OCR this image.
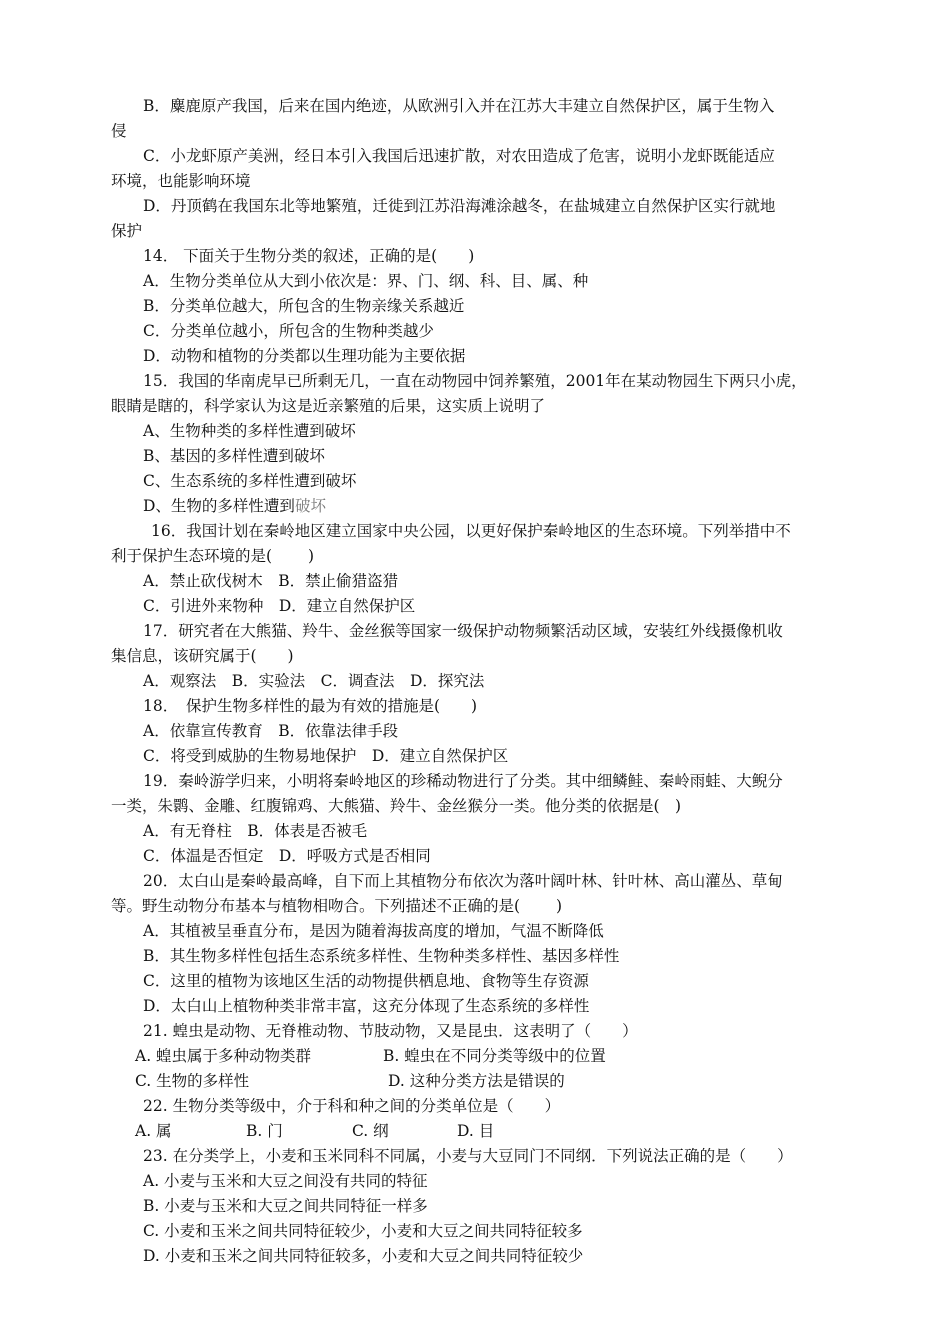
B．麋鹿原产我国，后来在国内绝迹，从欧洲引入并在江苏大丰建立自然保护区，属于生物入
侵
C．小龙虾原产美洲，经日本引入我国后迅速扩散，对农田造成了危害，说明小龙虾既能适应
环境，也能影响环境
D．丹顶鹤在我国东北等地繁殖，迁徙到江苏沿海滩涂越冬，在盐城建立自然保护区实行就地
保护
14． 下面关于生物分类的叙述，正确的是(　　)
A．生物分类单位从大到小依次是：界、门、纲、科、目、属、种
B．分类单位越大，所包含的生物亲缘关系越近
C．分类单位越小，所包含的生物种类越少
D．动物和植物的分类都以生理功能为主要依据
15．我国的华南虎早已所剩无几，一直在动物园中饲养繁殖，2001年在某动物园生下两只小虎，
眼睛是瞎的，科学家认为这是近亲繁殖的后果，这实质上说明了
A、生物种类的多样性遭到破坏
B、基因的多样性遭到破坏
C、生态系统的多样性遭到破坏
D、生物的多样性遭到破坏
16．我国计划在秦岭地区建立国家中央公园，以更好保护秦岭地区的生态环境。下列举措中不
利于保护生态环境的是(　　 )
A．禁止砍伐树木　B．禁止偷猎盗猎
C．引进外来物种　D．建立自然保护区
17．研究者在大熊猫、羚牛、金丝猴等国家一级保护动物频繁活动区域，安装红外线摄像机收
集信息，该研究属于(　　)
A．观察法　B．实验法　C．调查法　D．探究法
18．　保护生物多样性的最为有效的措施是(　　)
A．依靠宣传教育　B．依靠法律手段
C．将受到威胁的生物易地保护　D．建立自然保护区
19．秦岭游学归来，小明将秦岭地区的珍稀动物进行了分类。其中细鳞鲑、秦岭雨蛙、大鲵分
一类，朱鹮、金雕、红腹锦鸡、大熊猫、羚牛、金丝猴分一类。他分类的依据是(　)
A．有无脊柱　B．体表是否被毛
C．体温是否恒定　D．呼吸方式是否相同
20．太白山是秦岭最高峰，自下而上其植物分布依次为落叶阔叶林、针叶林、高山灌丛、草甸
等。野生动物分布基本与植物相吻合。下列描述不正确的是(　　 )
A．其植被呈垂直分布，是因为随着海拔高度的增加，气温不断降低
B．其生物多样性包括生态系统多样性、生物种类多样性、基因多样性
C．这里的植物为该地区生活的动物提供栖息地、食物等生存资源
D．太白山上植物种类非常丰富，这充分体现了生态系统的多样性
21. 蝗虫是动物、无脊椎动物、节肢动物，又是昆虫．这表明了（　　）
A. 蝗虫属于多种动物类群	B. 蝗虫在不同分类等级中的位置
C. 生物的多样性	D. 这种分类方法是错误的
22. 生物分类等级中，介于科和种之间的分类单位是（　　）
A. 属	B. 门	C. 纲	D. 目
23. 在分类学上，小麦和玉米同科不同属，小麦与大豆同门不同纲．下列说法正确的是（　　）
A. 小麦与玉米和大豆之间没有共同的特征
B. 小麦与玉米和大豆之间共同特征一样多
C. 小麦和玉米之间共同特征较少，小麦和大豆之间共同特征较多
D. 小麦和玉米之间共同特征较多，小麦和大豆之间共同特征较少
